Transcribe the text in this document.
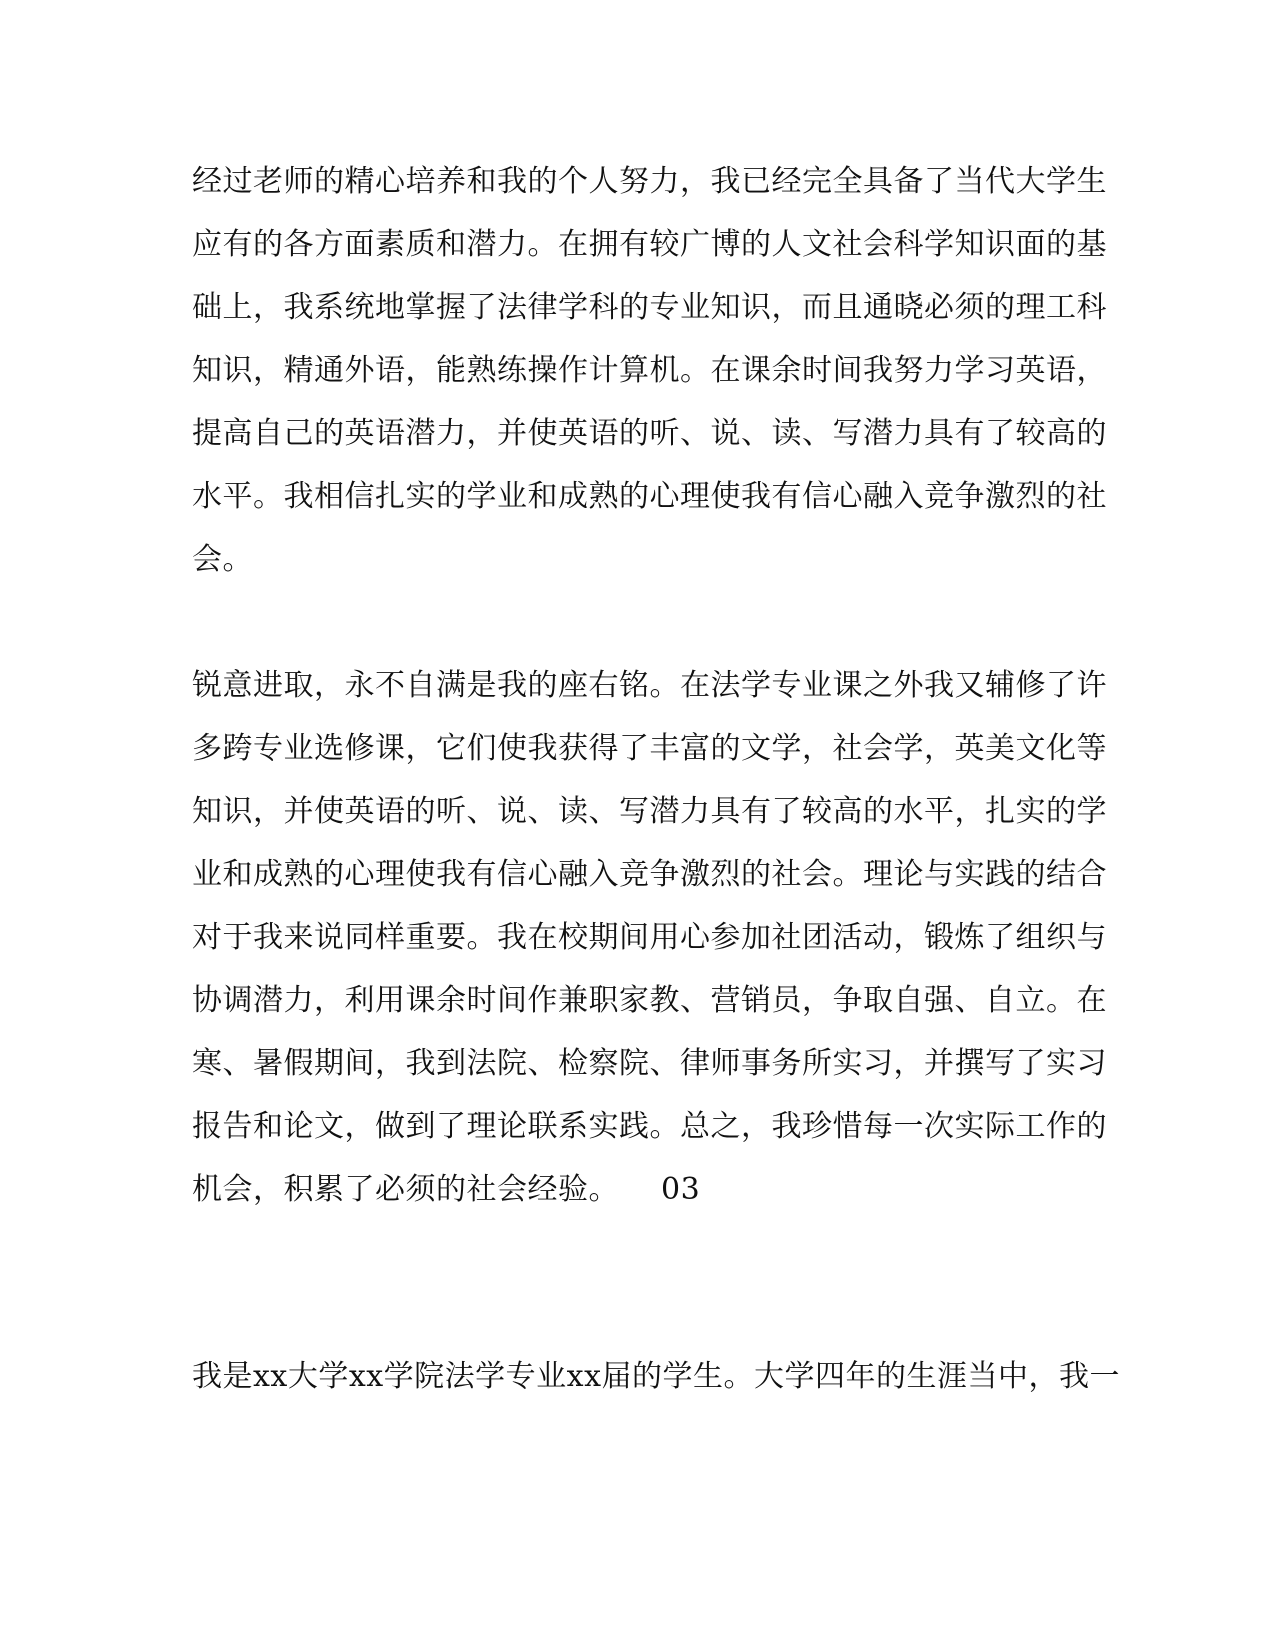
经过老师的精心培养和我的个人努力，我已经完全具备了当代大学生
应有的各方面素质和潜力。在拥有较广博的人文社会科学知识面的基
础上，我系统地掌握了法律学科的专业知识，而且通晓必须的理工科
知识，精通外语，能熟练操作计算机。在课余时间我努力学习英语，
提高自己的英语潜力，并使英语的听、说、读、写潜力具有了较高的
水平。我相信扎实的学业和成熟的心理使我有信心融入竞争激烈的社
会。
锐意进取，永不自满是我的座右铭。在法学专业课之外我又辅修了许
多跨专业选修课，它们使我获得了丰富的文学，社会学，英美文化等
知识，并使英语的听、说、读、写潜力具有了较高的水平，扎实的学
业和成熟的心理使我有信心融入竞争激烈的社会。理论与实践的结合
对于我来说同样重要。我在校期间用心参加社团活动，锻炼了组织与
协调潜力，利用课余时间作兼职家教、营销员，争取自强、自立。在
寒、暑假期间，我到法院、检察院、律师事务所实习，并撰写了实习
报告和论文，做到了理论联系实践。总之，我珍惜每一次实际工作的
机会，积累了必须的社会经验。 03
我是xx大学xx学院法学专业xx届的学生。大学四年的生涯当中，我一
